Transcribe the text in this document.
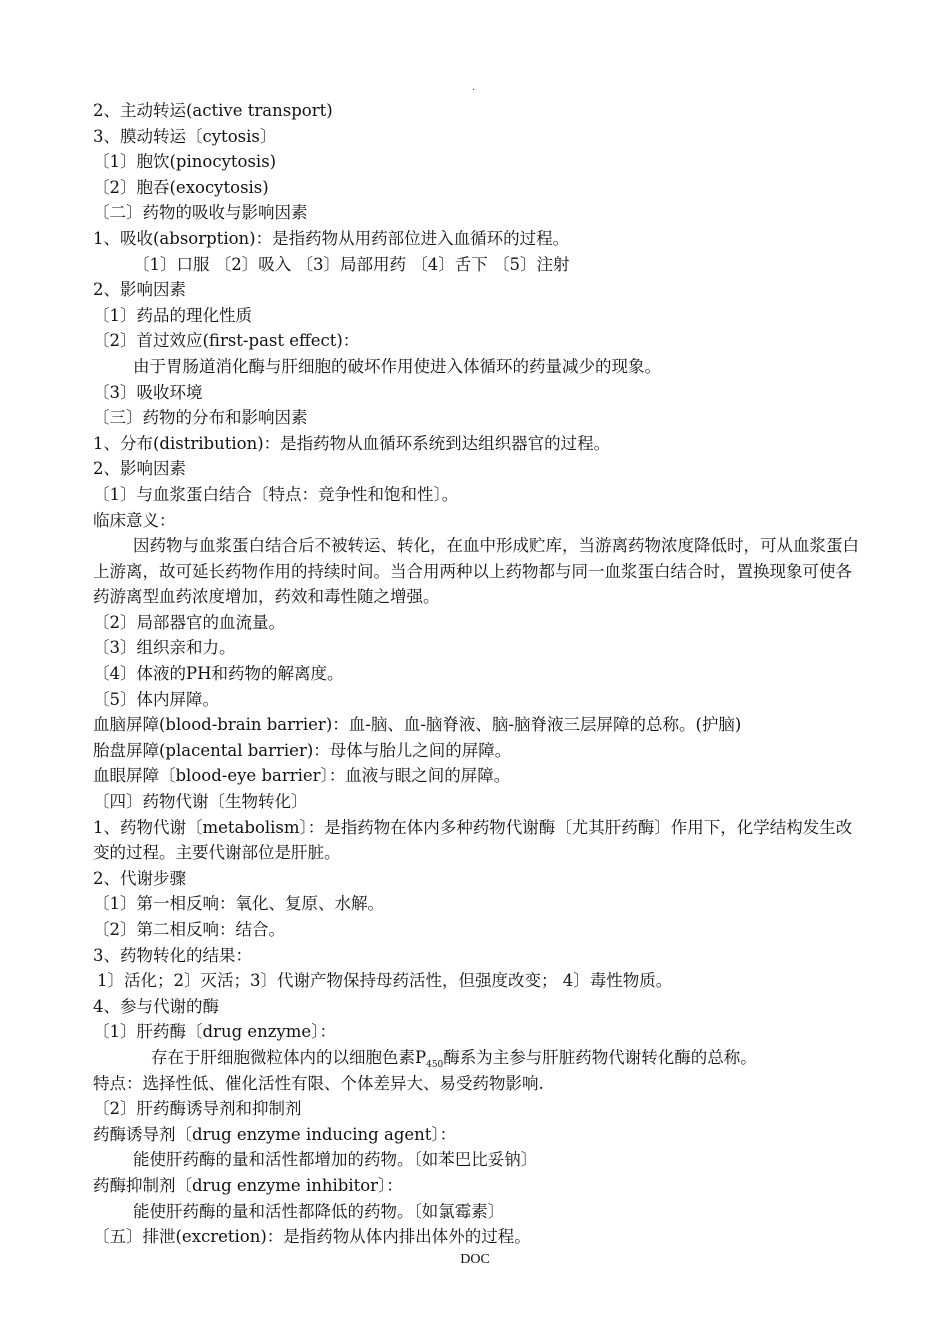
.
2、主动转运(active transport)
3、膜动转运〔cytosis〕
〔1〕胞饮(pinocytosis)
〔2〕胞吞(exocytosis)
〔二〕药物的吸收与影响因素
1、吸收(absorption)：是指药物从用药部位进入血循环的过程。
〔1〕口服 〔2〕吸入 〔3〕局部用药 〔4〕舌下 〔5〕注射
2、影响因素
〔1〕药品的理化性质
〔2〕首过效应(first-past effect)：
由于胃肠道消化酶与肝细胞的破坏作用使进入体循环的药量减少的现象。
〔3〕吸收环境
〔三〕药物的分布和影响因素
1、分布(distribution)：是指药物从血循环系统到达组织器官的过程。
2、影响因素
〔1〕与血浆蛋白结合〔特点：竞争性和饱和性〕。
临床意义：
因药物与血浆蛋白结合后不被转运、转化，在血中形成贮库，当游离药物浓度降低时，可从血浆蛋白上游离，故可延长药物作用的持续时间。当合用两种以上药物都与同一血浆蛋白结合时，置换现象可使各药游离型血药浓度增加，药效和毒性随之增强。
〔2〕局部器官的血流量。
〔3〕组织亲和力。
〔4〕体液的PH和药物的解离度。
〔5〕体内屏障。
血脑屏障(blood-brain barrier)：血-脑、血-脑脊液、脑-脑脊液三层屏障的总称。(护脑)
胎盘屏障(placental barrier)：母体与胎儿之间的屏障。
血眼屏障〔blood-eye barrier〕：血液与眼之间的屏障。
〔四〕药物代谢〔生物转化〕
1、药物代谢〔metabolism〕：是指药物在体内多种药物代谢酶〔尤其肝药酶〕作用下，化学结构发生改变的过程。主要代谢部位是肝脏。
2、代谢步骤
〔1〕第一相反响：氧化、复原、水解。
〔2〕第二相反响：结合。
3、药物转化的结果：
1〕活化；2〕灭活；3〕代谢产物保持母药活性，但强度改变； 4〕毒性物质。
4、参与代谢的酶
〔1〕肝药酶〔drug enzyme〕：
存在于肝细胞微粒体内的以细胞色素$P_{450}$酶系为主参与肝脏药物代谢转化酶的总称。
特点：选择性低、催化活性有限、个体差异大、易受药物影响.
〔2〕肝药酶诱导剂和抑制剂
药酶诱导剂〔drug enzyme inducing agent〕：
能使肝药酶的量和活性都增加的药物。〔如苯巴比妥钠〕
药酶抑制剂〔drug enzyme inhibitor〕：
能使肝药酶的量和活性都降低的药物。〔如氯霉素〕
〔五〕排泄(excretion)：是指药物从体内排出体外的过程。
DOC
